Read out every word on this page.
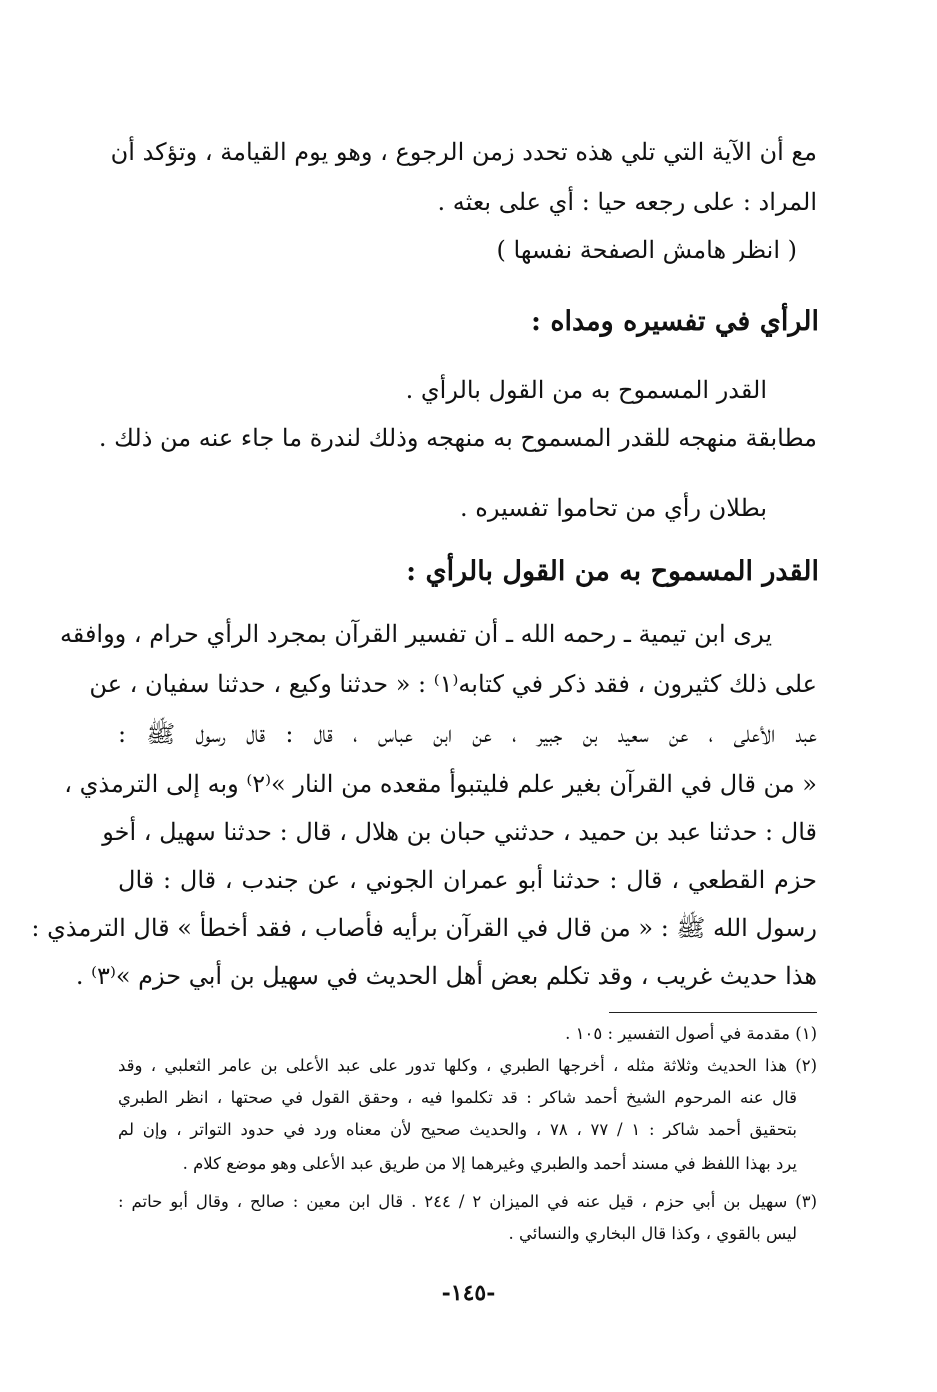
مع أن الآية التي تلي هذه تحدد زمن الرجوع ، وهو يوم القيامة ، وتؤكد أن
المراد : على رجعه حيا : أي على بعثه .
( انظر هامش الصفحة نفسها )
الرأي في تفسيره ومداه :
القدر المسموح به من القول بالرأي .
مطابقة منهجه للقدر المسموح به منهجه وذلك لندرة ما جاء عنه من ذلك .
بطلان رأي من تحاموا تفسيره .
القدر المسموح به من القول بالرأي :
يرى ابن تيمية ـ رحمه الله ـ أن تفسير القرآن بمجرد الرأي حرام ، ووافقه
على ذلك كثيرون ، فقد ذكر في كتابه⁽١⁾ : « حدثنا وكيع ، حدثنا سفيان ، عن
عبد الأعلى ، عن سعيد بن جبير ، عن ابن عباس ، قال : قال رسول ﷺ :
« من قال في القرآن بغير علم فليتبوأ مقعده من النار »⁽٢⁾ وبه إلى الترمذي ،
قال : حدثنا عبد بن حميد ، حدثني حبان بن هلال ، قال : حدثنا سهيل ، أخو
حزم القطعي ، قال : حدثنا أبو عمران الجوني ، عن جندب ، قال : قال
رسول الله ﷺ : « من قال في القرآن برأيه فأصاب ، فقد أخطأ » قال الترمذي :
هذا حديث غريب ، وقد تكلم بعض أهل الحديث في سهيل بن أبي حزم »⁽٣⁾ .
(١) مقدمة في أصول التفسير : ١٠٥ .
(٢) هذا الحديث وثلاثة مثله ، أخرجها الطبري ، وكلها تدور على عبد الأعلى بن عامر الثعلبي ، وقد
قال عنه المرحوم الشيخ أحمد شاكر : قد تكلموا فيه ، وحقق القول في صحتها ، انظر الطبري
بتحقيق أحمد شاكر : ١ / ٧٧ ، ٧٨ ، والحديث صحيح لأن معناه ورد في حدود التواتر ، وإن لم
يرد بهذا اللفظ في مسند أحمد والطبري وغيرهما إلا من طريق عبد الأعلى وهو موضع كلام .
(٣) سهيل بن أبي حزم ، قيل عنه في الميزان ٢ / ٢٤٤ . قال ابن معين : صالح ، وقال أبو حاتم :
ليس بالقوي ، وكذا قال البخاري والنسائي .
-١٤٥-
